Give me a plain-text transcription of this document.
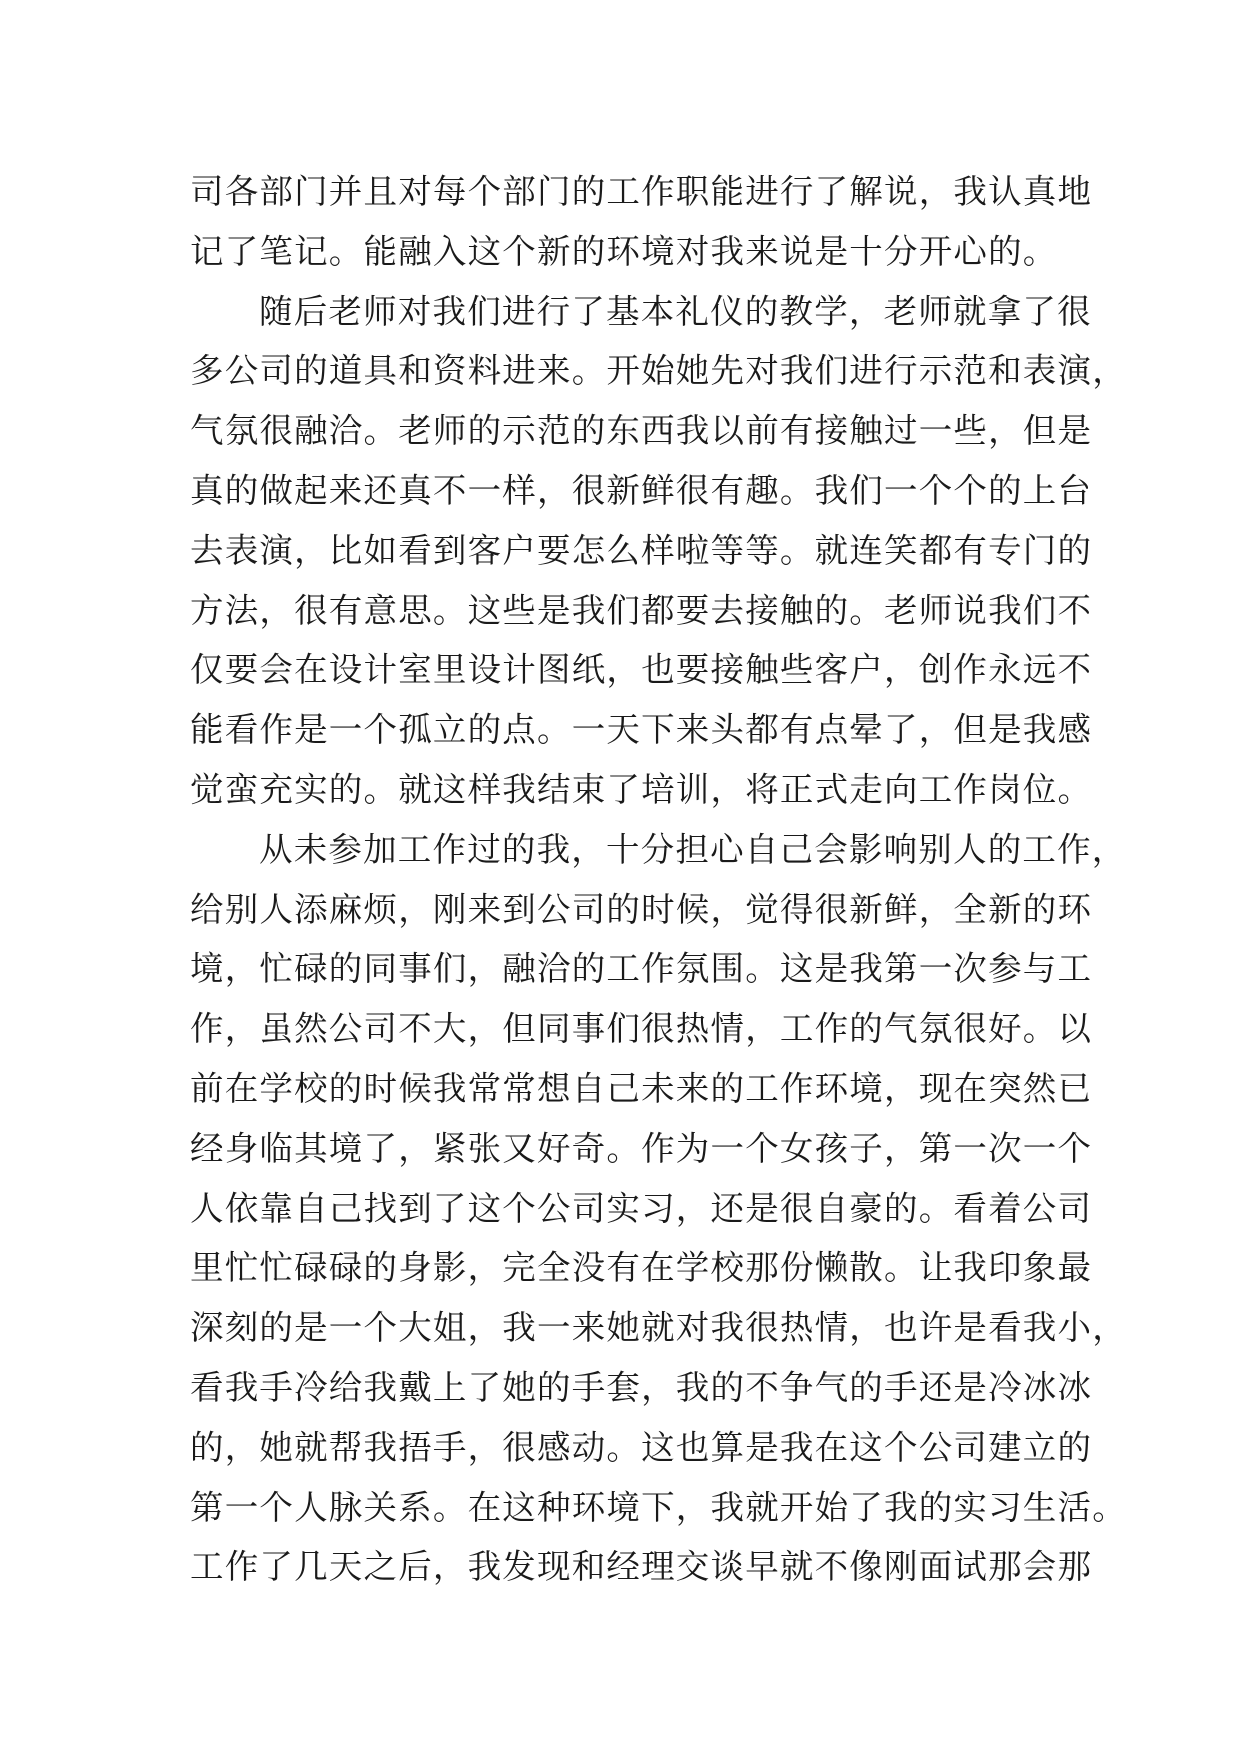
司各部门并且对每个部门的工作职能进行了解说，我认真地
记了笔记。能融入这个新的环境对我来说是十分开心的。
随后老师对我们进行了基本礼仪的教学，老师就拿了很
多公司的道具和资料进来。开始她先对我们进行示范和表演，
气氛很融洽。老师的示范的东西我以前有接触过一些，但是
真的做起来还真不一样，很新鲜很有趣。我们一个个的上台
去表演，比如看到客户要怎么样啦等等。就连笑都有专门的
方法，很有意思。这些是我们都要去接触的。老师说我们不
仅要会在设计室里设计图纸，也要接触些客户，创作永远不
能看作是一个孤立的点。一天下来头都有点晕了，但是我感
觉蛮充实的。就这样我结束了培训，将正式走向工作岗位。
从未参加工作过的我，十分担心自己会影响别人的工作，
给别人添麻烦，刚来到公司的时候，觉得很新鲜，全新的环
境，忙碌的同事们，融洽的工作氛围。这是我第一次参与工
作，虽然公司不大，但同事们很热情，工作的气氛很好。以
前在学校的时候我常常想自己未来的工作环境，现在突然已
经身临其境了，紧张又好奇。作为一个女孩子，第一次一个
人依靠自己找到了这个公司实习，还是很自豪的。看着公司
里忙忙碌碌的身影，完全没有在学校那份懒散。让我印象最
深刻的是一个大姐，我一来她就对我很热情，也许是看我小，
看我手冷给我戴上了她的手套，我的不争气的手还是冷冰冰
的，她就帮我捂手，很感动。这也算是我在这个公司建立的
第一个人脉关系。在这种环境下，我就开始了我的实习生活。
工作了几天之后，我发现和经理交谈早就不像刚面试那会那
